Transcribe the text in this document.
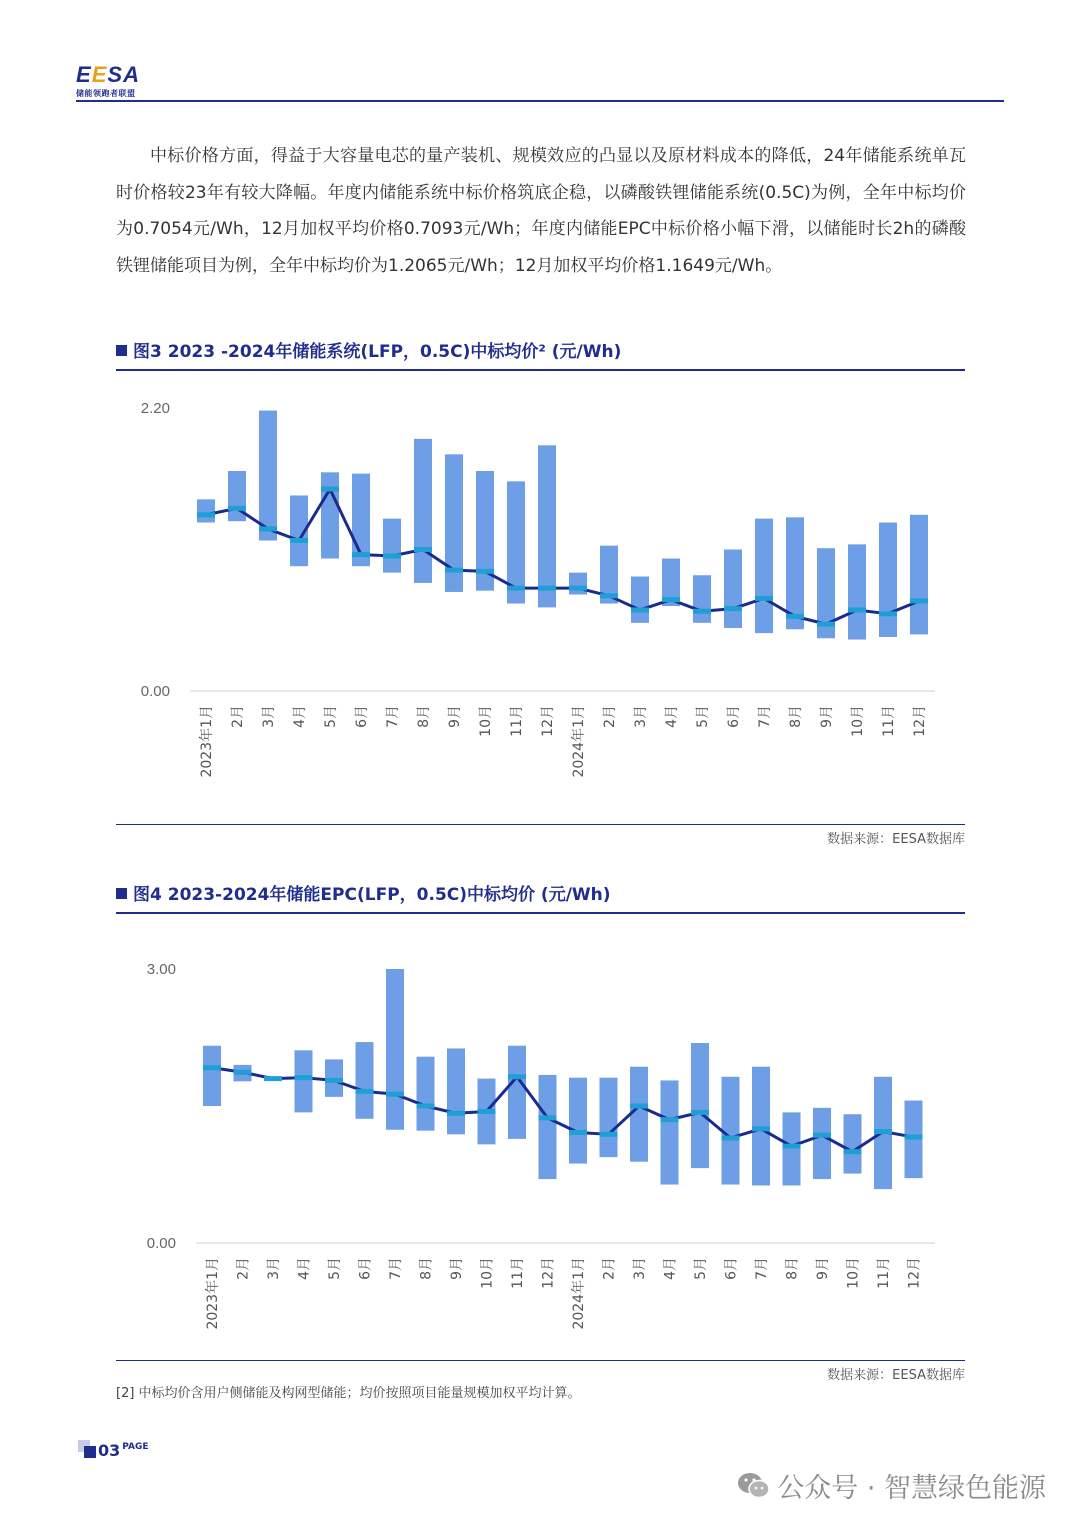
EESA
储能领跑者联盟

中标价格方面，得益于大容量电芯的量产装机、规模效应的凸显以及原材料成本的降低，24年储能系统单瓦时价格较23年有较大降幅。年度内储能系统中标价格筑底企稳，以磷酸铁锂储能系统(0.5C)为例，全年中标均价为0.7054元/Wh，12月加权平均价格0.7093元/Wh；年度内储能EPC中标价格小幅下滑，以储能时长2h的磷酸铁锂储能项目为例，全年中标均价为1.2065元/Wh；12月加权平均价格1.1649元/Wh。

图3 2023 -2024年储能系统(LFP，0.5C)中标均价² (元/Wh)
0.00
2.20
2023年1月 2月 3月 4月 5月 6月 7月 8月 9月 10月 11月 12月 2024年1月 2月 3月 4月 5月 6月 7月 8月 9月 10月 11月 12月
数据来源：EESA数据库
图4 2023-2024年储能EPC(LFP，0.5C)中标均价 (元/Wh)
0.00
3.00
2023年1月 2月 3月 4月 5月 6月 7月 8月 9月 10月 11月 12月 2024年1月 2月 3月 4月 5月 6月 7月 8月 9月 10月 11月 12月
数据来源：EESA数据库
[2] 中标均价含用户侧储能及构网型储能；均价按照项目能量规模加权平均计算。
03 $^{PAGE}$
公众号 · 智慧绿色能源
